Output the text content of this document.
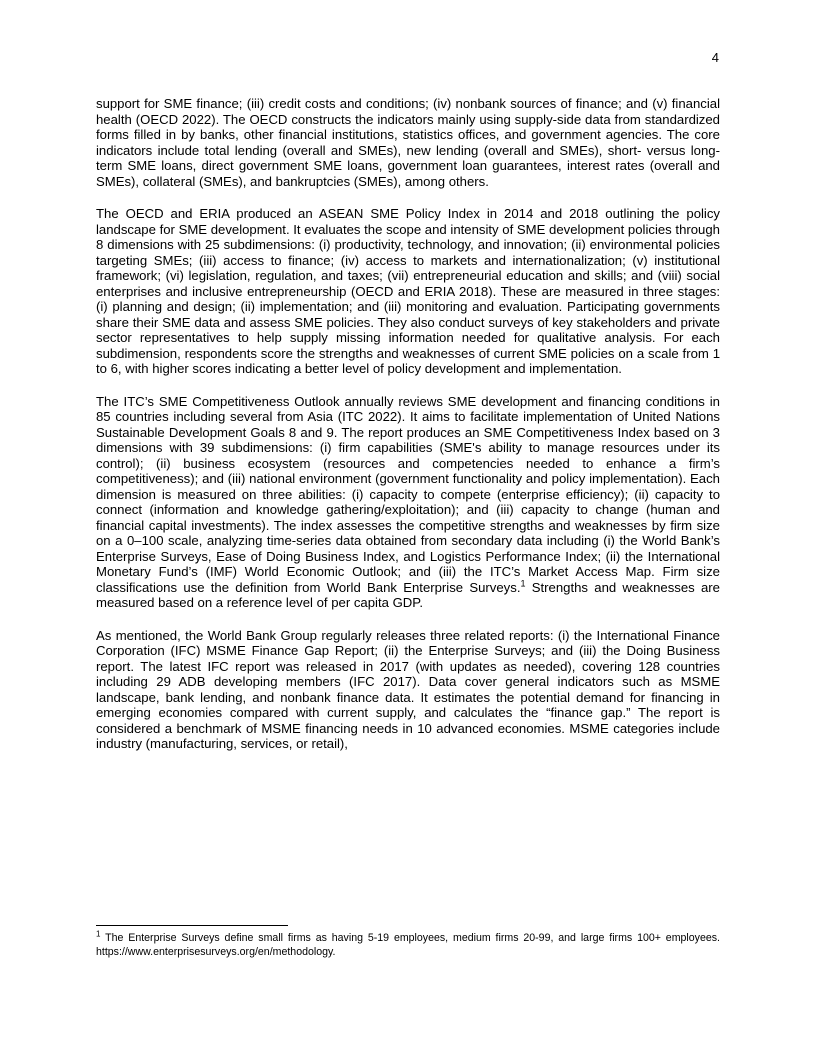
4

support for SME finance; (iii) credit costs and conditions; (iv) nonbank sources of finance; and (v) financial health (OECD 2022). The OECD constructs the indicators mainly using supply-side data from standardized forms filled in by banks, other financial institutions, statistics offices, and government agencies. The core indicators include total lending (overall and SMEs), new lending (overall and SMEs), short- versus long-term SME loans, direct government SME loans, government loan guarantees, interest rates (overall and SMEs), collateral (SMEs), and bankruptcies (SMEs), among others.

The OECD and ERIA produced an ASEAN SME Policy Index in 2014 and 2018 outlining the policy landscape for SME development. It evaluates the scope and intensity of SME development policies through 8 dimensions with 25 subdimensions: (i) productivity, technology, and innovation; (ii) environmental policies targeting SMEs; (iii) access to finance; (iv) access to markets and internationalization; (v) institutional framework; (vi) legislation, regulation, and taxes; (vii) entrepreneurial education and skills; and (viii) social enterprises and inclusive entrepreneurship (OECD and ERIA 2018). These are measured in three stages: (i) planning and design; (ii) implementation; and (iii) monitoring and evaluation. Participating governments share their SME data and assess SME policies. They also conduct surveys of key stakeholders and private sector representatives to help supply missing information needed for qualitative analysis. For each subdimension, respondents score the strengths and weaknesses of current SME policies on a scale from 1 to 6, with higher scores indicating a better level of policy development and implementation.

The ITC’s SME Competitiveness Outlook annually reviews SME development and financing conditions in 85 countries including several from Asia (ITC 2022). It aims to facilitate implementation of United Nations Sustainable Development Goals 8 and 9. The report produces an SME Competitiveness Index based on 3 dimensions with 39 subdimensions: (i) firm capabilities (SME's ability to manage resources under its control); (ii) business ecosystem (resources and competencies needed to enhance a firm’s competitiveness); and (iii) national environment (government functionality and policy implementation). Each dimension is measured on three abilities: (i) capacity to compete (enterprise efficiency); (ii) capacity to connect (information and knowledge gathering/exploitation); and (iii) capacity to change (human and financial capital investments). The index assesses the competitive strengths and weaknesses by firm size on a 0–100 scale, analyzing time-series data obtained from secondary data including (i) the World Bank’s Enterprise Surveys, Ease of Doing Business Index, and Logistics Performance Index; (ii) the International Monetary Fund’s (IMF) World Economic Outlook; and (iii) the ITC’s Market Access Map. Firm size classifications use the definition from World Bank Enterprise Surveys.$^1$ Strengths and weaknesses are measured based on a reference level of per capita GDP.

As mentioned, the World Bank Group regularly releases three related reports: (i) the International Finance Corporation (IFC) MSME Finance Gap Report; (ii) the Enterprise Surveys; and (iii) the Doing Business report. The latest IFC report was released in 2017 (with updates as needed), covering 128 countries including 29 ADB developing members (IFC 2017). Data cover general indicators such as MSME landscape, bank lending, and nonbank finance data. It estimates the potential demand for financing in emerging economies compared with current supply, and calculates the “finance gap.” The report is considered a benchmark of MSME financing needs in 10 advanced economies. MSME categories include industry (manufacturing, services, or retail),

$^1$ The Enterprise Surveys define small firms as having 5-19 employees, medium firms 20-99, and large firms 100+ employees. https://www.enterprisesurveys.org/en/methodology.
